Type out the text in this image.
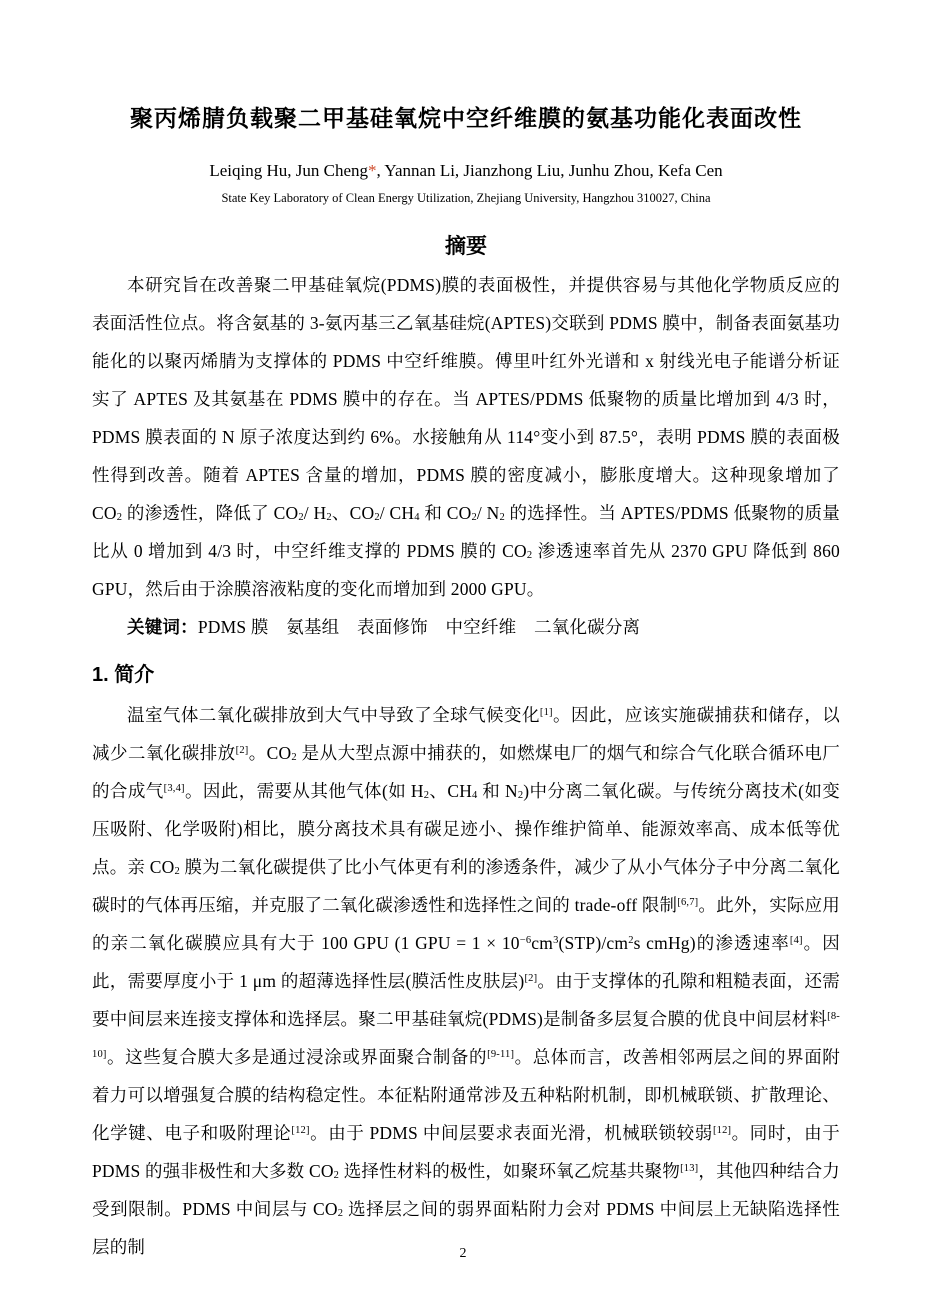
聚丙烯腈负载聚二甲基硅氧烷中空纤维膜的氨基功能化表面改性

Leiqing Hu, Jun Cheng*, Yannan Li, Jianzhong Liu, Junhu Zhou, Kefa Cen

State Key Laboratory of Clean Energy Utilization, Zhejiang University, Hangzhou 310027, China

摘要

本研究旨在改善聚二甲基硅氧烷(PDMS)膜的表面极性，并提供容易与其他化学物质反应的表面活性位点。将含氨基的 3-氨丙基三乙氧基硅烷(APTES)交联到 PDMS 膜中，制备表面氨基功能化的以聚丙烯腈为支撑体的 PDMS 中空纤维膜。傅里叶红外光谱和 x 射线光电子能谱分析证实了 APTES 及其氨基在 PDMS 膜中的存在。当 APTES/PDMS 低聚物的质量比增加到 4/3 时，PDMS 膜表面的 N 原子浓度达到约 6%。水接触角从 114°变小到 87.5°，表明 PDMS 膜的表面极性得到改善。随着 APTES 含量的增加，PDMS 膜的密度减小，膨胀度增大。这种现象增加了 $CO_2$ 的渗透性，降低了 $CO_2/$ $H_2$、$CO_2/$ $CH_4$ 和 $CO_2/$ $N_2$ 的选择性。当 APTES/PDMS 低聚物的质量比从 0 增加到 4/3 时，中空纤维支撑的 PDMS 膜的 $CO_2$ 渗透速率首先从 2370 GPU 降低到 860 GPU，然后由于涂膜溶液粘度的变化而增加到 2000 GPU。

关键词：PDMS 膜　氨基组　表面修饰　中空纤维　二氧化碳分离

1. 简介

温室气体二氧化碳排放到大气中导致了全球气候变化[1]。因此，应该实施碳捕获和储存，以减少二氧化碳排放[2]。$CO_2$ 是从大型点源中捕获的，如燃煤电厂的烟气和综合气化联合循环电厂的合成气[3,4]。因此，需要从其他气体(如 $H_2$、$CH_4$ 和 $N_2$)中分离二氧化碳。与传统分离技术(如变压吸附、化学吸附)相比，膜分离技术具有碳足迹小、操作维护简单、能源效率高、成本低等优点。亲 $CO_2$ 膜为二氧化碳提供了比小气体更有利的渗透条件，减少了从小气体分子中分离二氧化碳时的气体再压缩，并克服了二氧化碳渗透性和选择性之间的 trade-off 限制[6,7]。此外，实际应用的亲二氧化碳膜应具有大于 100 GPU (1 GPU = $1 \times 10^{-6}cm^3(STP)/cm^2s$ cmHg)的渗透速率[4]。因此，需要厚度小于 1 μm 的超薄选择性层(膜活性皮肤层)[2]。由于支撑体的孔隙和粗糙表面，还需要中间层来连接支撑体和选择层。聚二甲基硅氧烷(PDMS)是制备多层复合膜的优良中间层材料[8-10]。这些复合膜大多是通过浸涂或界面聚合制备的[9-11]。总体而言，改善相邻两层之间的界面附着力可以增强复合膜的结构稳定性。本征粘附通常涉及五种粘附机制，即机械联锁、扩散理论、化学键、电子和吸附理论[12]。由于 PDMS 中间层要求表面光滑，机械联锁较弱[12]。同时，由于 PDMS 的强非极性和大多数 $CO_2$ 选择性材料的极性，如聚环氧乙烷基共聚物[13]，其他四种结合力受到限制。PDMS 中间层与 $CO_2$ 选择层之间的弱界面粘附力会对 PDMS 中间层上无缺陷选择性层的制	2
